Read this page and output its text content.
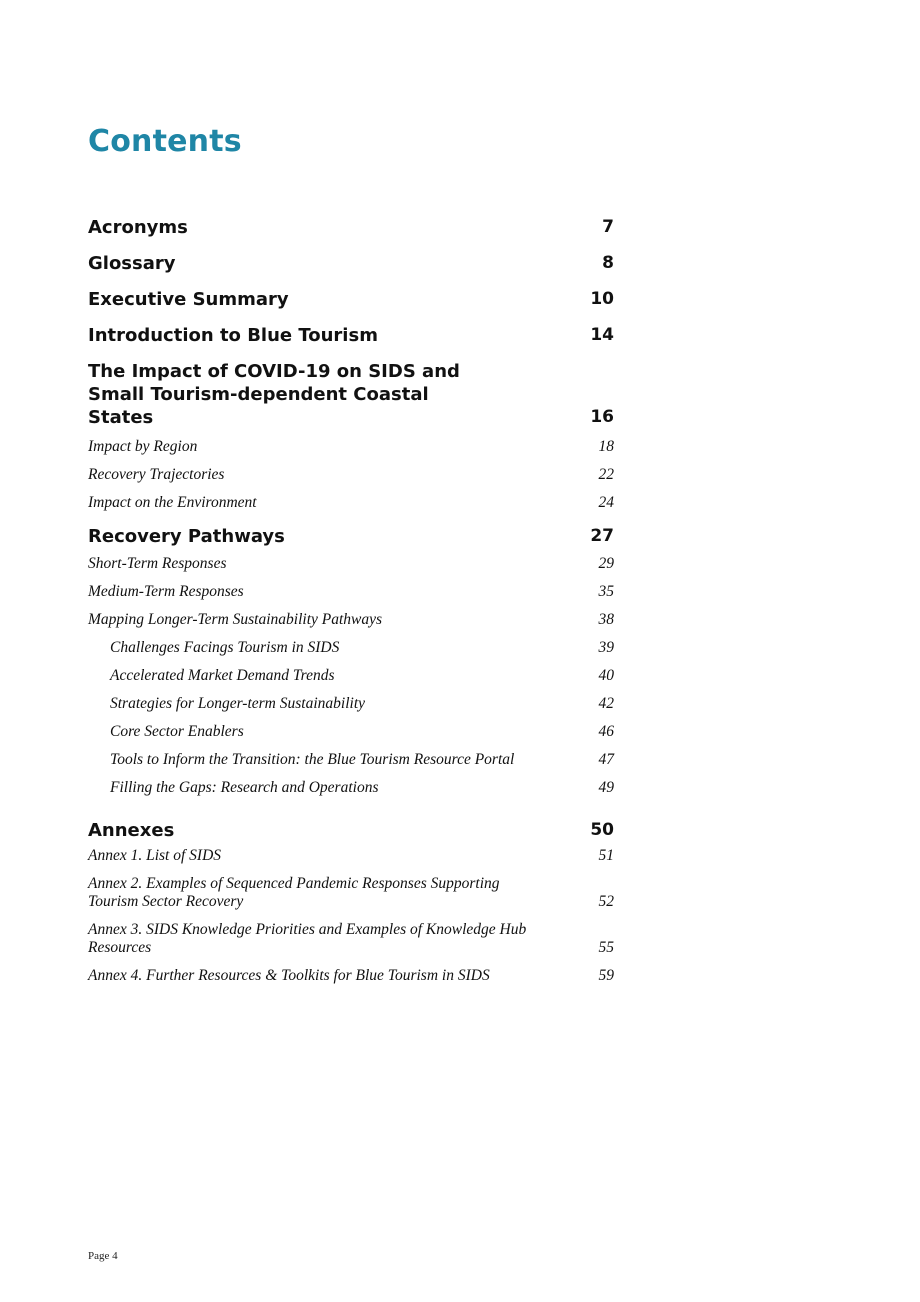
Contents
Acronyms	7
Glossary	8
Executive Summary	10
Introduction to Blue Tourism	14
The Impact of COVID-19 on SIDS and Small Tourism-dependent Coastal States	16
Impact by Region	18
Recovery Trajectories	22
Impact on the Environment	24
Recovery Pathways	27
Short-Term Responses	29
Medium-Term Responses	35
Mapping Longer-Term Sustainability Pathways	38
Challenges Facings Tourism in SIDS	39
Accelerated Market Demand Trends	40
Strategies for Longer-term Sustainability	42
Core Sector Enablers	46
Tools to Inform the Transition: the Blue Tourism Resource Portal	47
Filling the Gaps: Research and Operations	49
Annexes	50
Annex 1. List of SIDS	51
Annex 2. Examples of Sequenced Pandemic Responses Supporting Tourism Sector Recovery	52
Annex 3. SIDS Knowledge Priorities and Examples of Knowledge Hub Resources	55
Annex 4. Further Resources & Toolkits for Blue Tourism in SIDS	59
Page 4
